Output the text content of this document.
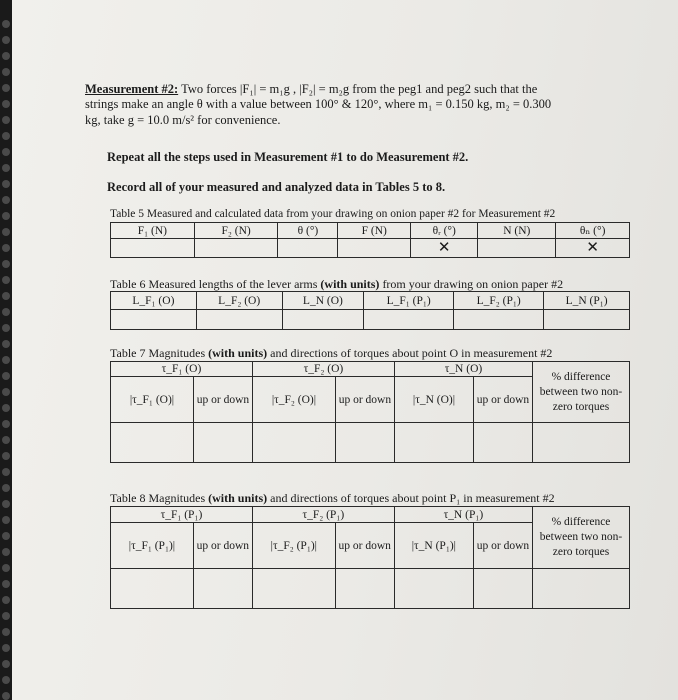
Measurement #2: Two forces |F₁| = m₁g , |F₂| = m₂g from the peg1 and peg2 such that the
strings make an angle θ with a value between 100° & 120°, where m₁ = 0.150 kg, m₂ = 0.300
kg, take g = 10.0 m/s² for convenience.
Repeat all the steps used in Measurement #1 to do Measurement #2.
Record all of your measured and analyzed data in Tables 5 to 8.
Table 5 Measured and calculated data from your drawing on onion paper #2 for Measurement #2
F₁ (N)	F₂ (N)	θ (°)	F (N)	θᵣ (°)	N (N)	θₙ (°)
				✕		✕
Table 6 Measured lengths of the lever arms (with units) from your drawing on onion paper #2
L_F₁ (O)	L_F₂ (O)	L_N (O)	L_F₁ (P₁)	L_F₂ (P₁)	L_N (P₁)

Table 7 Magnitudes (with units) and directions of torques about point O in measurement #2
τ_F₁ (O)		τ_F₂ (O)		τ_N (O)		% difference between two non-zero torques
|τ_F₁ (O)|	up or down	|τ_F₂ (O)|	up or down	|τ_N (O)|	up or down	

Table 8 Magnitudes (with units) and directions of torques about point P₁ in measurement #2
τ_F₁ (P₁)		τ_F₂ (P₁)		τ_N (P₁)		% difference between two non-zero torques
|τ_F₁ (P₁)|	up or down	|τ_F₂ (P₁)|	up or down	|τ_N (P₁)|	up or down	
